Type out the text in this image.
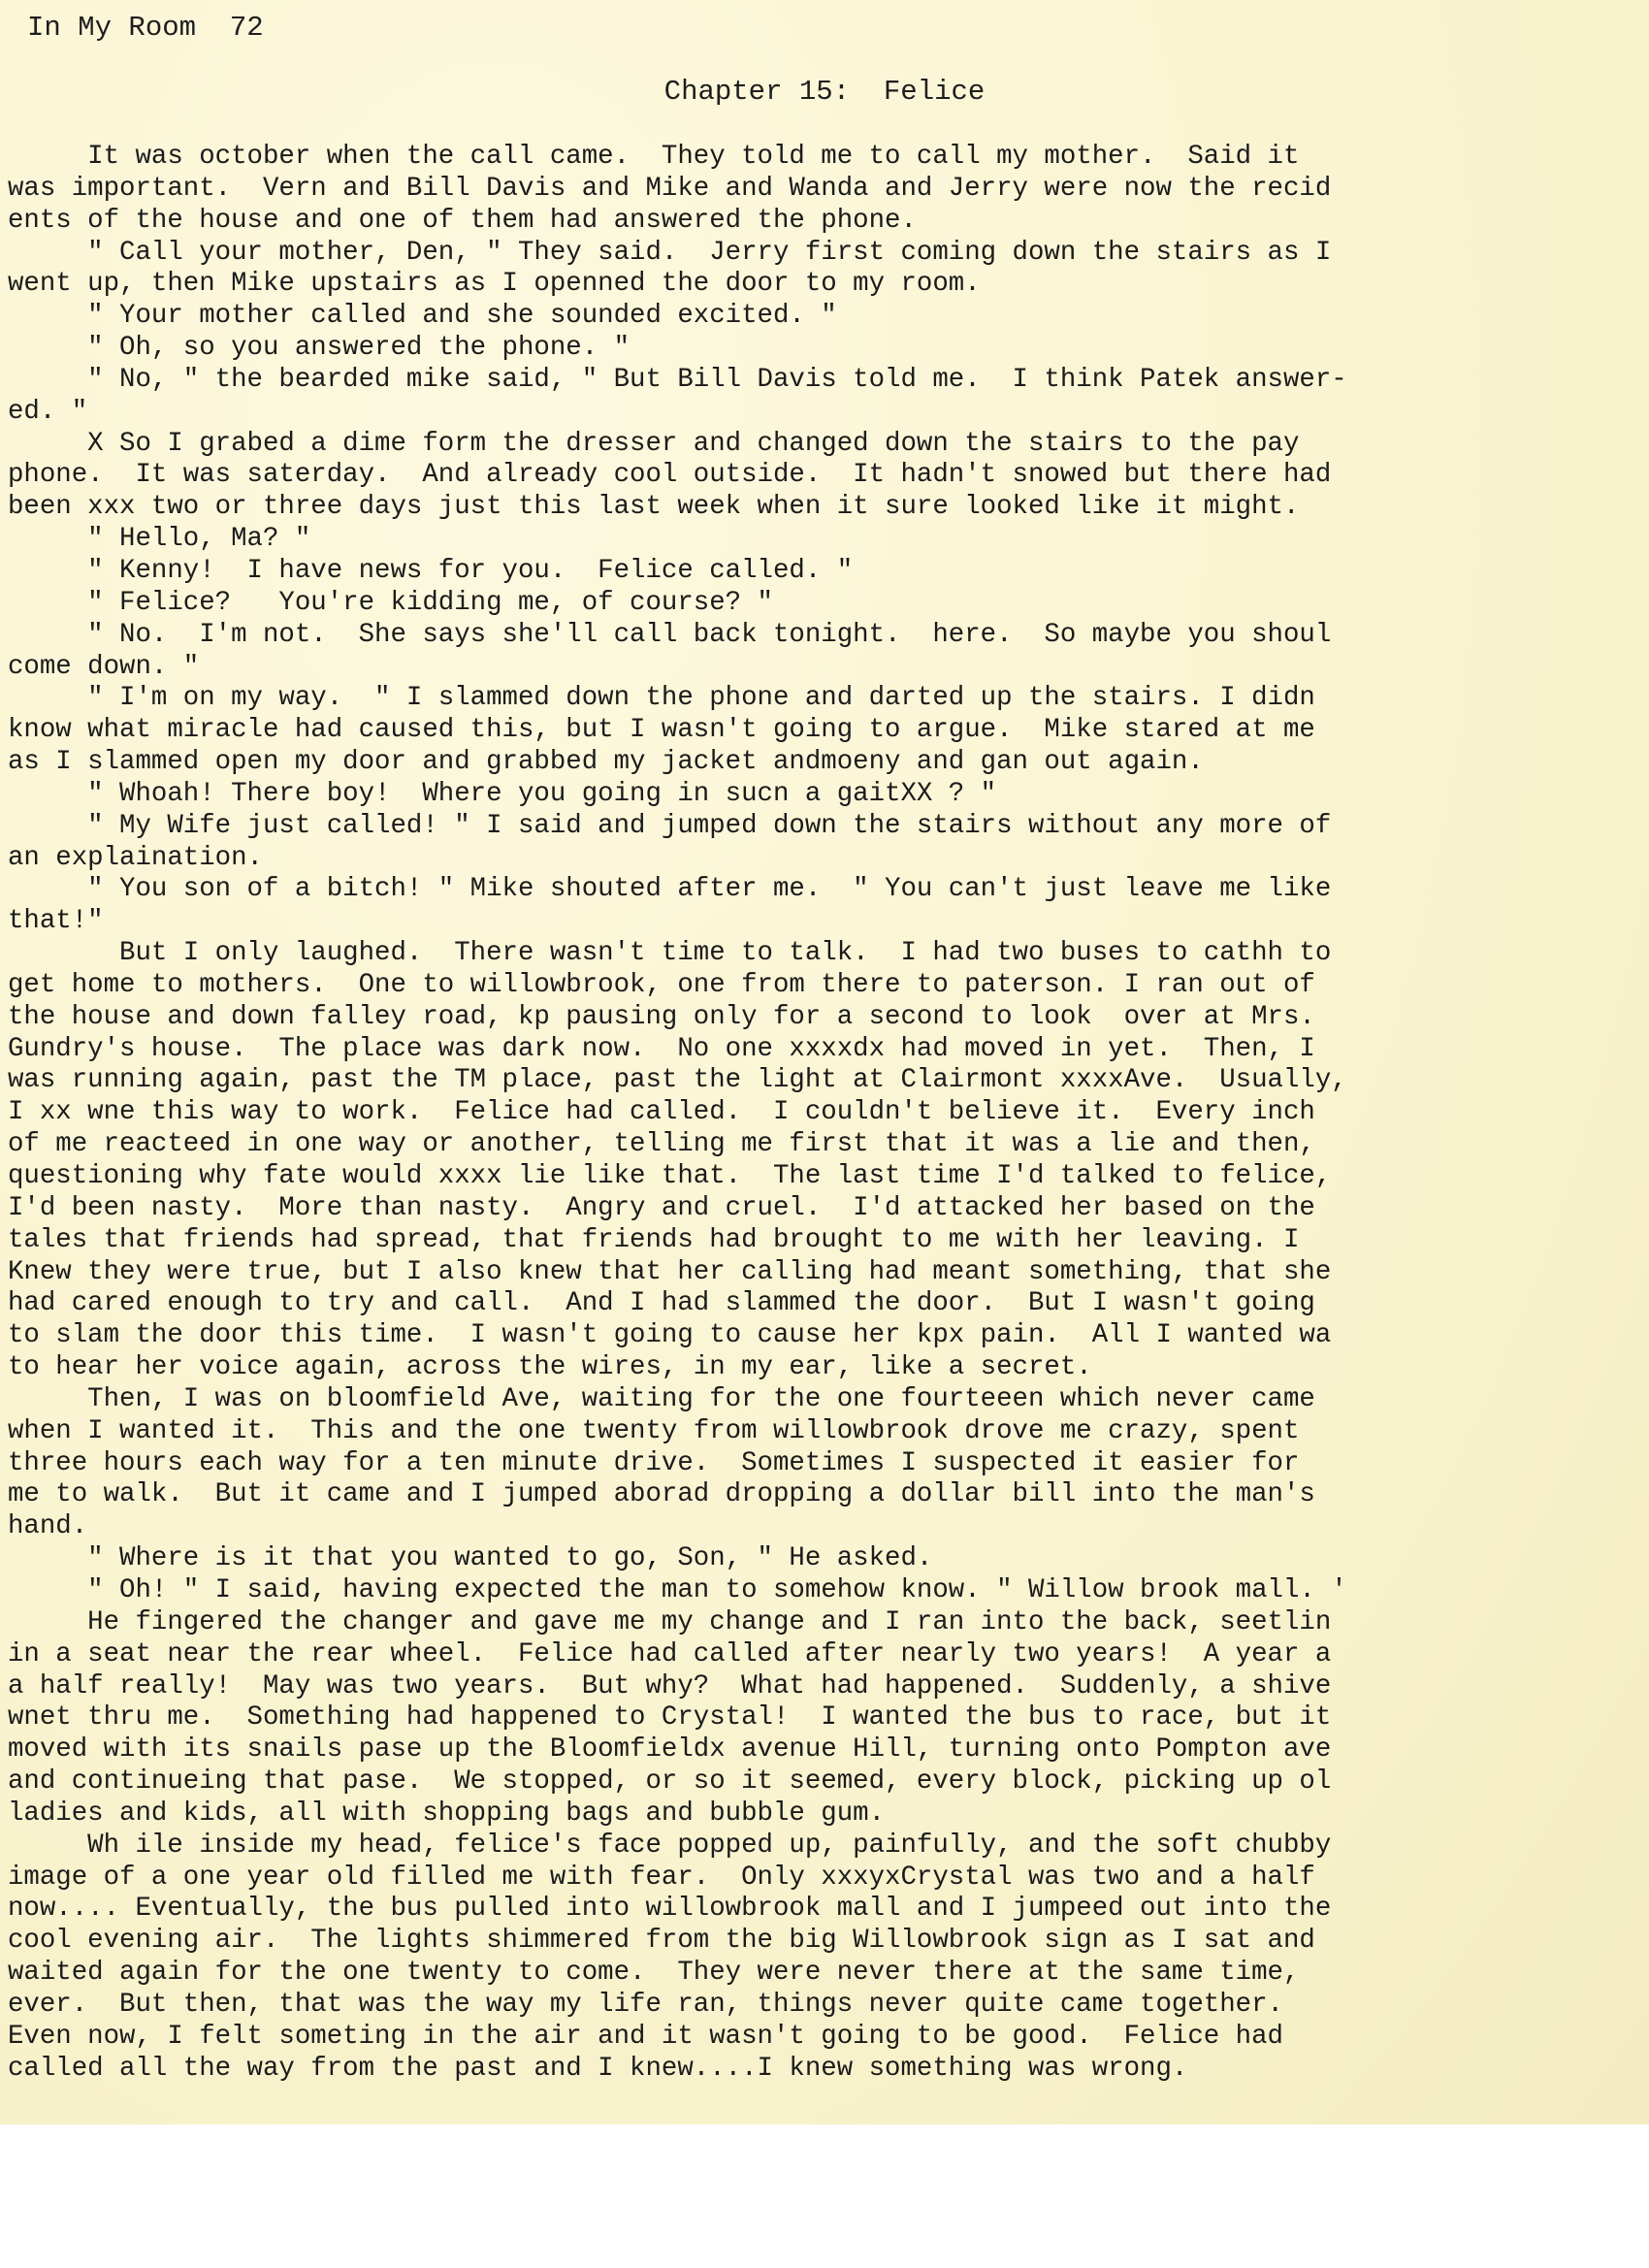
In My Room  72
Chapter 15:  Felice
It was october when the call came.  They told me to call my mother.  Said it
was important.  Vern and Bill Davis and Mike and Wanda and Jerry were now the recid
ents of the house and one of them had answered the phone.
" Call your mother, Den, " They said.  Jerry first coming down the stairs as I
went up, then Mike upstairs as I openned the door to my room.
" Your mother called and she sounded excited. "
" Oh, so you answered the phone. "
" No, " the bearded mike said, " But Bill Davis told me.  I think Patek answer-
ed. "
X So I grabed a dime form the dresser and changed down the stairs to the pay
phone.  It was saterday.  And already cool outside.  It hadn't snowed but there had
been xxx two or three days just this last week when it sure looked like it might.
" Hello, Ma? "
" Kenny!  I have news for you.  Felice called. "
" Felice?   You're kidding me, of course? "
" No.  I'm not.  She says she'll call back tonight.  here.  So maybe you shoul
come down. "
" I'm on my way.  " I slammed down the phone and darted up the stairs. I didn
know what miracle had caused this, but I wasn't going to argue.  Mike stared at me
as I slammed open my door and grabbed my jacket andmoeny and gan out again.
" Whoah! There boy!  Where you going in sucn a gaitXX ? "
" My Wife just called! " I said and jumped down the stairs without any more of
an explaination.
" You son of a bitch! " Mike shouted after me.  " You can't just leave me like
that!"
But I only laughed.  There wasn't time to talk.  I had two buses to cathh to
get home to mothers.  One to willowbrook, one from there to paterson. I ran out of
the house and down falley road, kp pausing only for a second to look  over at Mrs.
Gundry's house.  The place was dark now.  No one xxxxdx had moved in yet.  Then, I
was running again, past the TM place, past the light at Clairmont xxxxAve.  Usually,
I xx wne this way to work.  Felice had called.  I couldn't believe it.  Every inch
of me reacteed in one way or another, telling me first that it was a lie and then,
questioning why fate would xxxx lie like that.  The last time I'd talked to felice,
I'd been nasty.  More than nasty.  Angry and cruel.  I'd attacked her based on the
tales that friends had spread, that friends had brought to me with her leaving. I
Knew they were true, but I also knew that her calling had meant something, that she
had cared enough to try and call.  And I had slammed the door.  But I wasn't going
to slam the door this time.  I wasn't going to cause her kpx pain.  All I wanted wa
to hear her voice again, across the wires, in my ear, like a secret.
Then, I was on bloomfield Ave, waiting for the one fourteeen which never came
when I wanted it.  This and the one twenty from willowbrook drove me crazy, spent
three hours each way for a ten minute drive.  Sometimes I suspected it easier for
me to walk.  But it came and I jumped aborad dropping a dollar bill into the man's
hand.
" Where is it that you wanted to go, Son, " He asked.
" Oh! " I said, having expected the man to somehow know. " Willow brook mall. '
He fingered the changer and gave me my change and I ran into the back, seetlin
in a seat near the rear wheel.  Felice had called after nearly two years!  A year a
a half really!  May was two years.  But why?  What had happened.  Suddenly, a shive
wnet thru me.  Something had happened to Crystal!  I wanted the bus to race, but it
moved with its snails pase up the Bloomfieldx avenue Hill, turning onto Pompton ave
and continueing that pase.  We stopped, or so it seemed, every block, picking up ol
ladies and kids, all with shopping bags and bubble gum.
Wh ile inside my head, felice's face popped up, painfully, and the soft chubby
image of a one year old filled me with fear.  Only xxxyxCrystal was two and a half
now.... Eventually, the bus pulled into willowbrook mall and I jumpeed out into the
cool evening air.  The lights shimmered from the big Willowbrook sign as I sat and
waited again for the one twenty to come.  They were never there at the same time,
ever.  But then, that was the way my life ran, things never quite came together.
Even now, I felt someting in the air and it wasn't going to be good.  Felice had
called all the way from the past and I knew....I knew something was wrong.
